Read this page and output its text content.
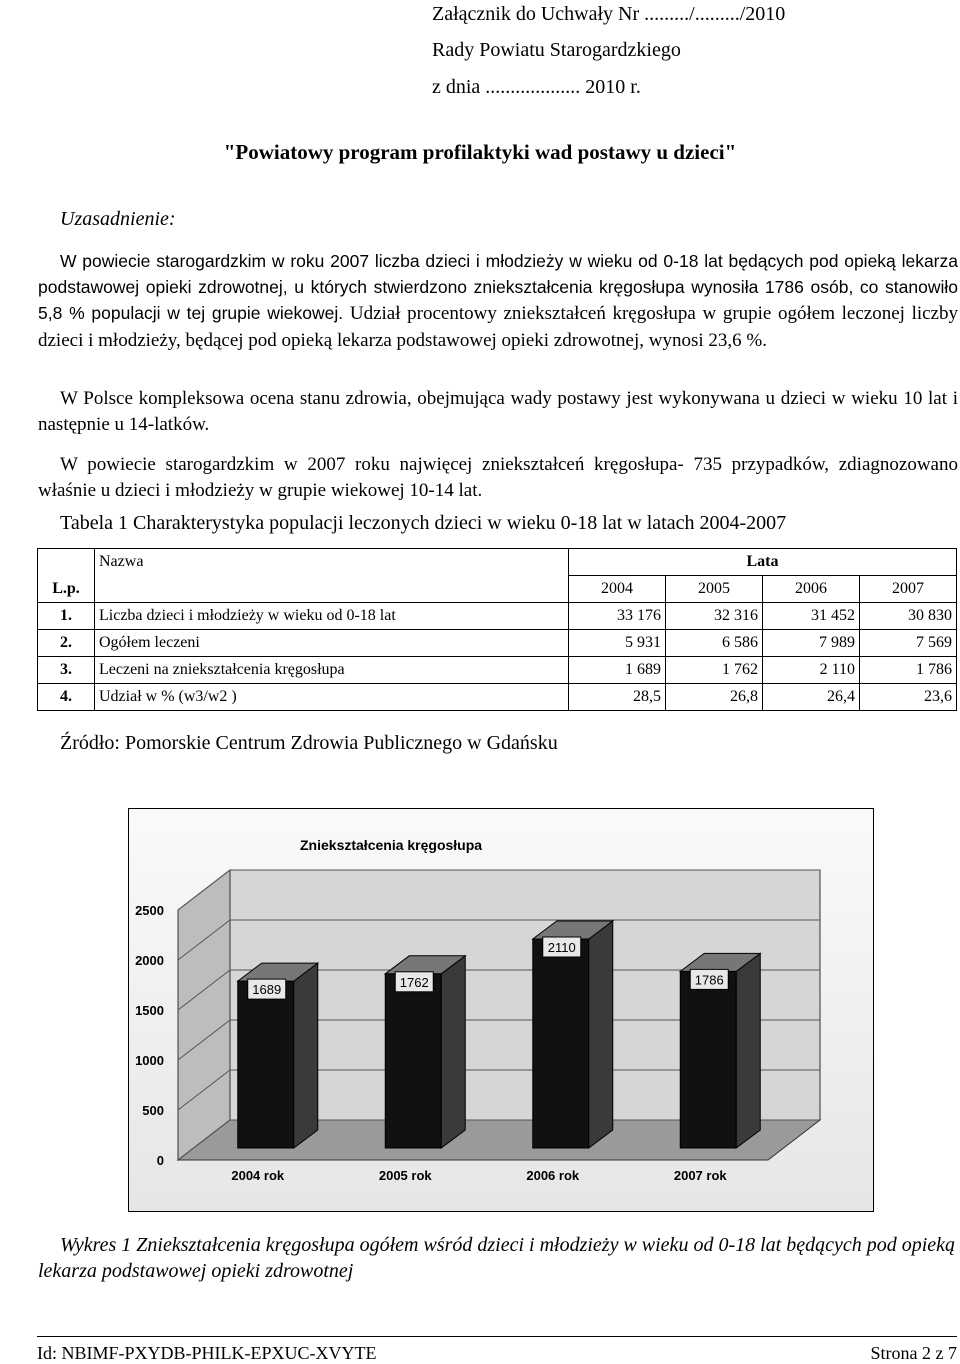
Załącznik do Uchwały Nr ........./........./2010
Rady Powiatu Starogardzkiego
z dnia ................... 2010 r.
"Powiatowy program profilaktyki wad postawy u dzieci"
Uzasadnienie:
W powiecie starogardzkim w roku 2007 liczba dzieci i młodzieży w wieku od 0-18 lat będących pod opieką lekarza podstawowej opieki zdrowotnej, u których stwierdzono zniekształcenia kręgosłupa wynosiła 1786 osób, co stanowiło 5,8 % populacji w tej grupie wiekowej. Udział procentowy zniekształceń kręgosłupa w grupie ogółem leczonej liczby dzieci i młodzieży, będącej pod opieką lekarza podstawowej opieki zdrowotnej, wynosi 23,6 %.
W Polsce kompleksowa ocena stanu zdrowia, obejmująca wady postawy jest wykonywana u dzieci w wieku 10 lat i następnie u 14-latków.
W powiecie starogardzkim w 2007 roku najwięcej zniekształceń kręgosłupa- 735 przypadków, zdiagnozowano właśnie u dzieci i młodzieży w grupie wiekowej 10-14 lat.
Tabela 1 Charakterystyka populacji leczonych dzieci w wieku 0-18 lat w latach 2004-2007
L.p.	Nazwa	Lata			
		2004	2005	2006	2007
1.	Liczba dzieci i młodzieży w wieku od 0-18 lat	33 176	32 316	31 452	30 830
2.	Ogółem leczeni	5 931	6 586	7 989	7 569
3.	Leczeni na zniekształcenia kręgosłupa	1 689	1 762	2 110	1 786
4.	Udział w % (w3/w2 )	28,5	26,8	26,4	23,6
Źródło: Pomorskie Centrum Zdrowia Publicznego w Gdańsku
Zniekształcenia kręgosłupa
0
500
1000
1500
2000
2500
1689
2004 rok
1762
2005 rok
2110
2006 rok
1786
2007 rok
Wykres 1 Zniekształcenia kręgosłupa ogółem wśród dzieci i młodzieży w wieku od 0-18 lat będących pod opieką lekarza podstawowej opieki zdrowotnej
Id: NBIMF-PXYDB-PHILK-EPXUC-XVYTE	Strona 2 z 7
